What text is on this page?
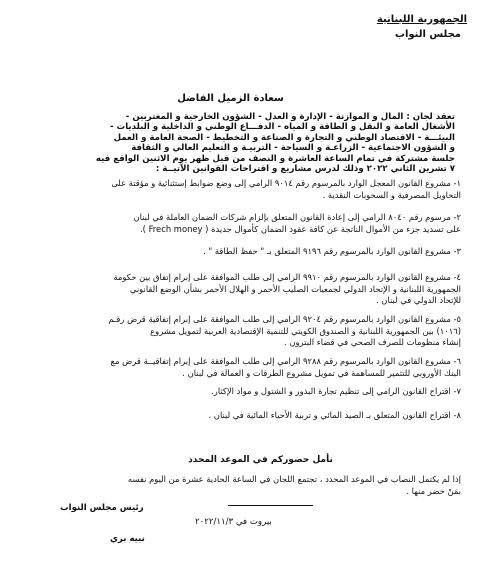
الجمهورية اللبنانية
مجلس النواب
سعادة الزميل الفاضل
تعقد لجان : المال و الموازنة - الإدارة و العدل - الشؤون الخارجية و المغتربين -
الأشغال العامة و النقل و الطاقة و المياه - الدفـــاع الوطني و الداخلية و البلديات -
البيئـــة - الاقتصاد الوطني و التجارة و الصناعة و التخطيط - الصحة العامة و العمل
و الشؤون الاجتماعية - الزراعـة و السياحة - التربيـة و التعليم العالي و الثقافة
جلسة مشتركة في تمام الساعة العاشرة و النصف من قبل ظهر يوم الاثنين الواقع فيه
٧ تشرين الثاني ٢٠٢٢ وذلك لدرس مشاريع و اقتراحات القوانين الآتيــة :
١- مشروع القانون المعجل الوارد بالمرسوم رقم ٩٠١٤ الرامي إلى وضع ضوابط إستثنائية و مؤقتة على
التحاويل المصرفية و السحوبات النقدية .
٢- مرسوم رقم ٨٠٤٠ الرامي إلى إعادة القانون المتعلق بإلزام شركات الضمان العاملة في لبنان
على تسديد جزء من الأموال الناتجة عن كافة عقود الضمان كأموال جديدة ( Frech money ).
٣- مشروع القانون الوارد بالمرسوم رقم ٩١٩٦ المتعلق بـ " حفظ الطاقة " .
٤- مشروع القانون الوارد بالمرسوم رقم ٩٩١٠ الرامي إلى طلب الموافقة على إبرام إتفاق بين حكومة
الجمهورية اللبنانية و الإتحاد الدولي لجمعيات الصليب الأحمر و الهلال الأحمر بشأن الوضع القانوني
للإتحاد الدولي في لبنان .
٥- مشروع القانون الوارد بالمرسوم رقم ٩٢٠٤ الرامي إلى طلب الموافقة على إبرام إتفاقية قرض رقـم
(١٠١٦) بين الجمهورية اللبنانية و الصندوق الكويتي للتنمية الإقتصادية العربية لتمويل مشروع
إنشاء منظومات للصرف الصحي في قضاء البترون .
٦- مشروع القانون الوارد بالمرسوم رقم ٩٢٨٨ الرامي إلى طلب الموافقة على إبرام إتفاقيــة قرض مع
البنك الأوروبي للتثمير للمساهمة في تمويل مشروع الطرقات و العمالة في لبنان .
٧- اقتراح القانون الرامي إلى تنظيم تجارة البذور و الشتول و مواد الإكثار.
٨- اقتراح القانون المتعلق بـ الصيد المائي و تربية الأحياء المائية في لبنان .
نأمل حضوركم في الموعد المحدد
إذا لم يكتمل النصاب في الموعد المحدد ، تجتمع اللجان في الساعة الحادية عشرة من اليوم نفسه
بمَنْ حضر منها .
رئيس مجلس النواب
بيروت في ٢٠٢٢/١١/٣
نبيه بري
